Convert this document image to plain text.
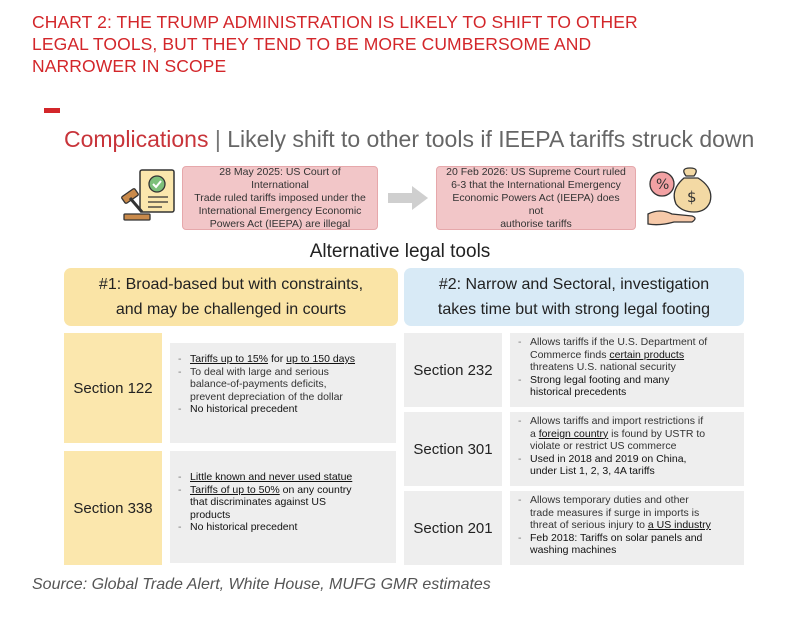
CHART 2: THE TRUMP ADMINISTRATION IS LIKELY TO SHIFT TO OTHER
LEGAL TOOLS, BUT THEY TEND TO BE MORE CUMBERSOME AND
NARROWER IN SCOPE
Complications | Likely shift to other tools if IEEPA tariffs struck down
28 May 2025: US Court of International
Trade ruled tariffs imposed under the
International Emergency Economic
Powers Act (IEEPA) are illegal
20 Feb 2026: US Supreme Court ruled
6-3 that the International Emergency
Economic Powers Act (IEEPA) does not
authorise tariffs
%
$
Alternative legal tools
#1: Broad-based but with constraints,
and may be challenged in courts
#2: Narrow and Sectoral, investigation
takes time but with strong legal footing
Section 122
- Tariffs up to 15% for up to 150 days
- To deal with large and serious
balance-of-payments deficits,
prevent depreciation of the dollar
- No historical precedent
Section 338
- Little known and never used statue
- Tariffs of up to 50% on any country
that discriminates against US
products
- No historical precedent
Section 232
- Allows tariffs if the U.S. Department of
Commerce finds certain products
threatens U.S. national security
- Strong legal footing and many
historical precedents
Section 301
- Allows tariffs and import restrictions if
a foreign country is found by USTR to
violate or restrict US commerce
- Used in 2018 and 2019 on China,
under List 1, 2, 3, 4A tariffs
Section 201
- Allows temporary duties and other
trade measures if surge in imports is
threat of serious injury to a US industry
- Feb 2018: Tariffs on solar panels and
washing machines
Source: Global Trade Alert, White House, MUFG GMR estimates
